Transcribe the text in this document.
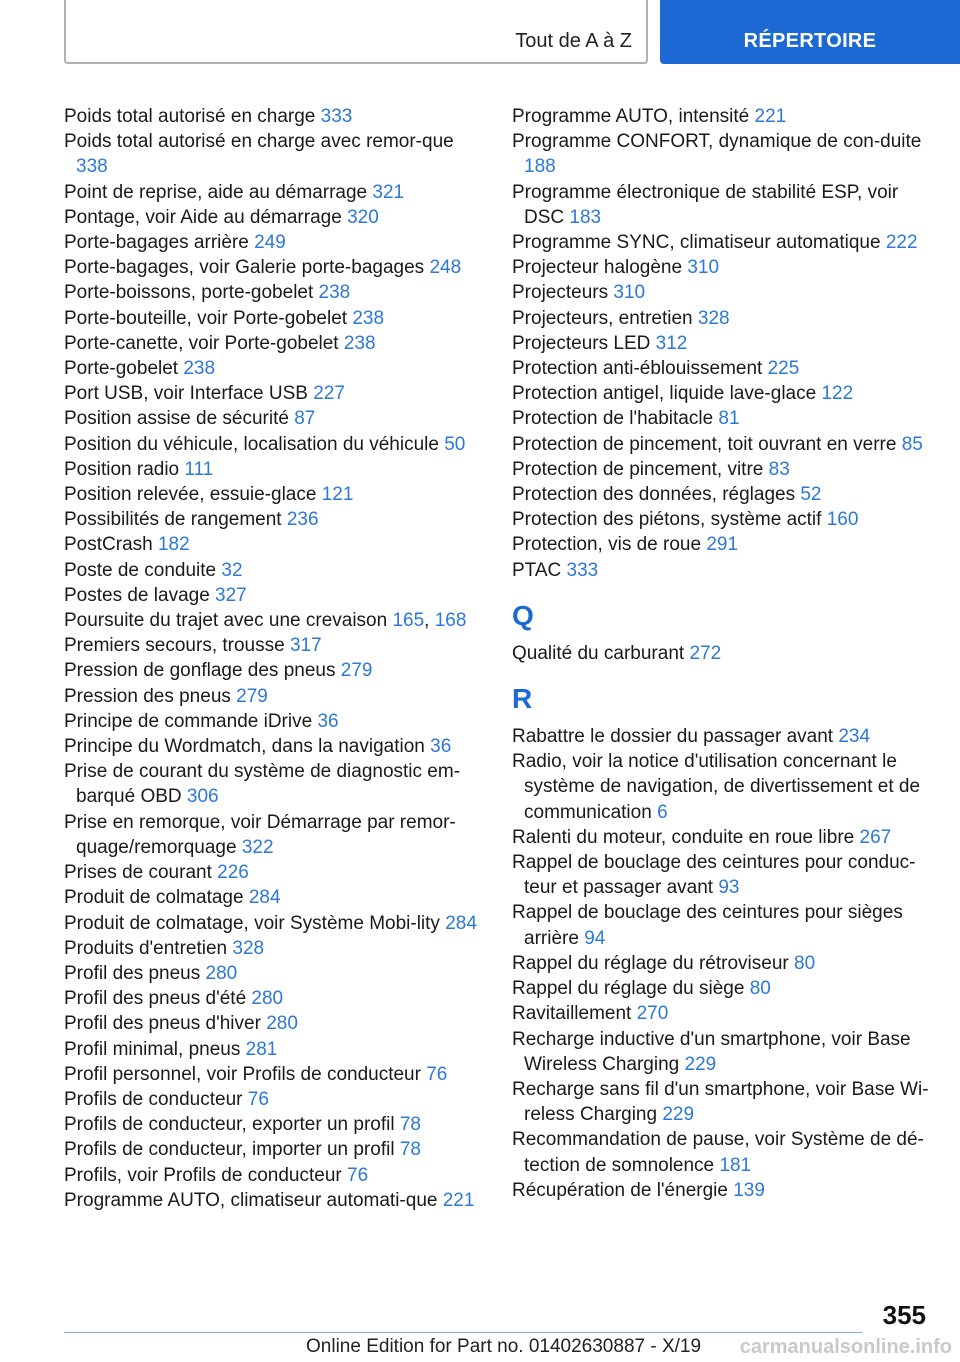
Tout de A à Z	RÉPERTOIRE
Poids total autorisé en charge 333
Poids total autorisé en charge avec remor‐que 338
Point de reprise, aide au démarrage 321
Pontage, voir Aide au démarrage 320
Porte-bagages arrière 249
Porte-bagages, voir Galerie porte-bagages 248
Porte-boissons, porte-gobelet 238
Porte-bouteille, voir Porte-gobelet 238
Porte-canette, voir Porte-gobelet 238
Porte-gobelet 238
Port USB, voir Interface USB 227
Position assise de sécurité 87
Position du véhicule, localisation du véhicule 50
Position radio 111
Position relevée, essuie-glace 121
Possibilités de rangement 236
PostCrash 182
Poste de conduite 32
Postes de lavage 327
Poursuite du trajet avec une crevaison 165, 168
Premiers secours, trousse 317
Pression de gonflage des pneus 279
Pression des pneus 279
Principe de commande iDrive 36
Principe du Wordmatch, dans la navigation 36
Prise de courant du système de diagnostic em‐barqué OBD 306
Prise en remorque, voir Démarrage par remor‐quage/remorquage 322
Prises de courant 226
Produit de colmatage 284
Produit de colmatage, voir Système Mobi‐lity 284
Produits d'entretien 328
Profil des pneus 280
Profil des pneus d'été 280
Profil des pneus d'hiver 280
Profil minimal, pneus 281
Profil personnel, voir Profils de conducteur 76
Profils de conducteur 76
Profils de conducteur, exporter un profil 78
Profils de conducteur, importer un profil 78
Profils, voir Profils de conducteur 76
Programme AUTO, climatiseur automati‐que 221
Programme AUTO, intensité 221
Programme CONFORT, dynamique de con‐duite 188
Programme électronique de stabilité ESP, voir DSC 183
Programme SYNC, climatiseur automatique 222
Projecteur halogène 310
Projecteurs 310
Projecteurs, entretien 328
Projecteurs LED 312
Protection anti-éblouissement 225
Protection antigel, liquide lave-glace 122
Protection de l'habitacle 81
Protection de pincement, toit ouvrant en verre 85
Protection de pincement, vitre 83
Protection des données, réglages 52
Protection des piétons, système actif 160
Protection, vis de roue 291
PTAC 333
Q
Qualité du carburant 272
R
Rabattre le dossier du passager avant 234
Radio, voir la notice d'utilisation concernant le système de navigation, de divertissement et de communication 6
Ralenti du moteur, conduite en roue libre 267
Rappel de bouclage des ceintures pour conduc‐teur et passager avant 93
Rappel de bouclage des ceintures pour sièges arrière 94
Rappel du réglage du rétroviseur 80
Rappel du réglage du siège 80
Ravitaillement 270
Recharge inductive d'un smartphone, voir Base Wireless Charging 229
Recharge sans fil d'un smartphone, voir Base Wi‐reless Charging 229
Recommandation de pause, voir Système de dé‐tection de somnolence 181
Récupération de l'énergie 139
355
Online Edition for Part no. 01402630887 - X/19 carmanualsonline.info
